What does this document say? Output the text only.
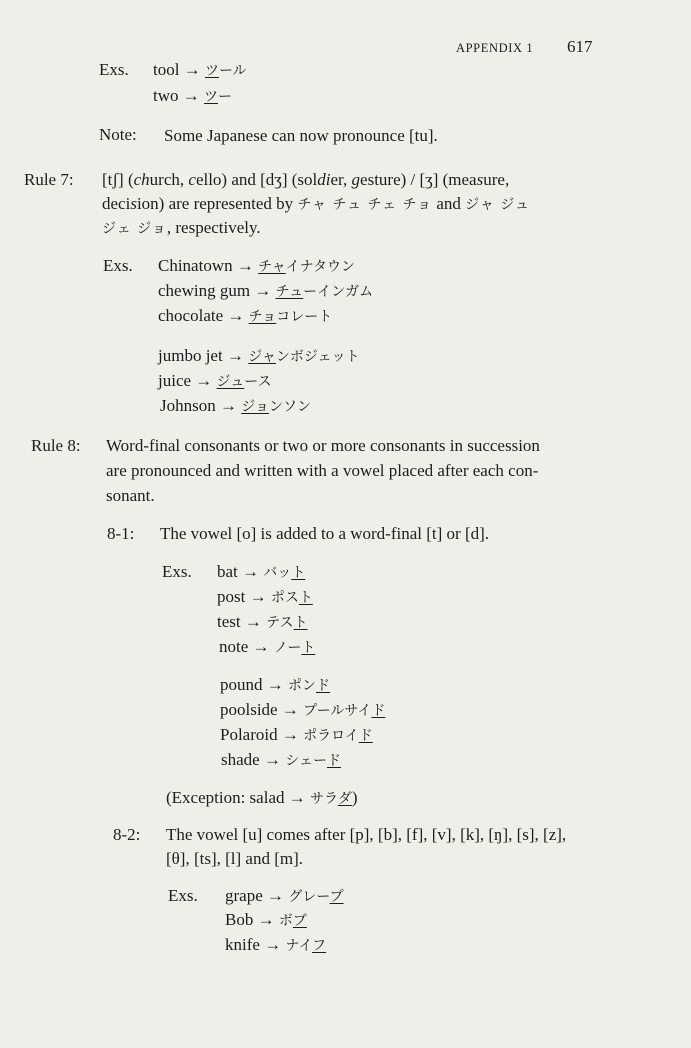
APPENDIX 1 617
Exs. tool → ツール
two → ツー
Note: Some Japanese can now pronounce [tu].
Rule 7: [tʃ] (church, cello) and [dʒ] (soldier, gesture) / [ʒ] (measure,
decision) are represented by チャ チュ チェ チョ and ジャ ジュ
ジェ ジョ, respectively.
Exs. Chinatown → チャイナタウン
chewing gum → チューインガム
chocolate → チョコレート
jumbo jet → ジャンボジェット
juice → ジュース
Johnson → ジョンソン
Rule 8: Word-final consonants or two or more consonants in succession
are pronounced and written with a vowel placed after each con-
sonant.
8-1: The vowel [o] is added to a word-final [t] or [d].
Exs. bat → バット
post → ポスト
test → テスト
note → ノート
pound → ポンド
poolside → プールサイド
Polaroid → ポラロイド
shade → シェード
(Exception: salad → サラダ)
8-2: The vowel [u] comes after [p], [b], [f], [v], [k], [ŋ], [s], [z],
[θ], [ts], [l] and [m].
Exs. grape → グレープ
Bob → ボブ
knife → ナイフ
